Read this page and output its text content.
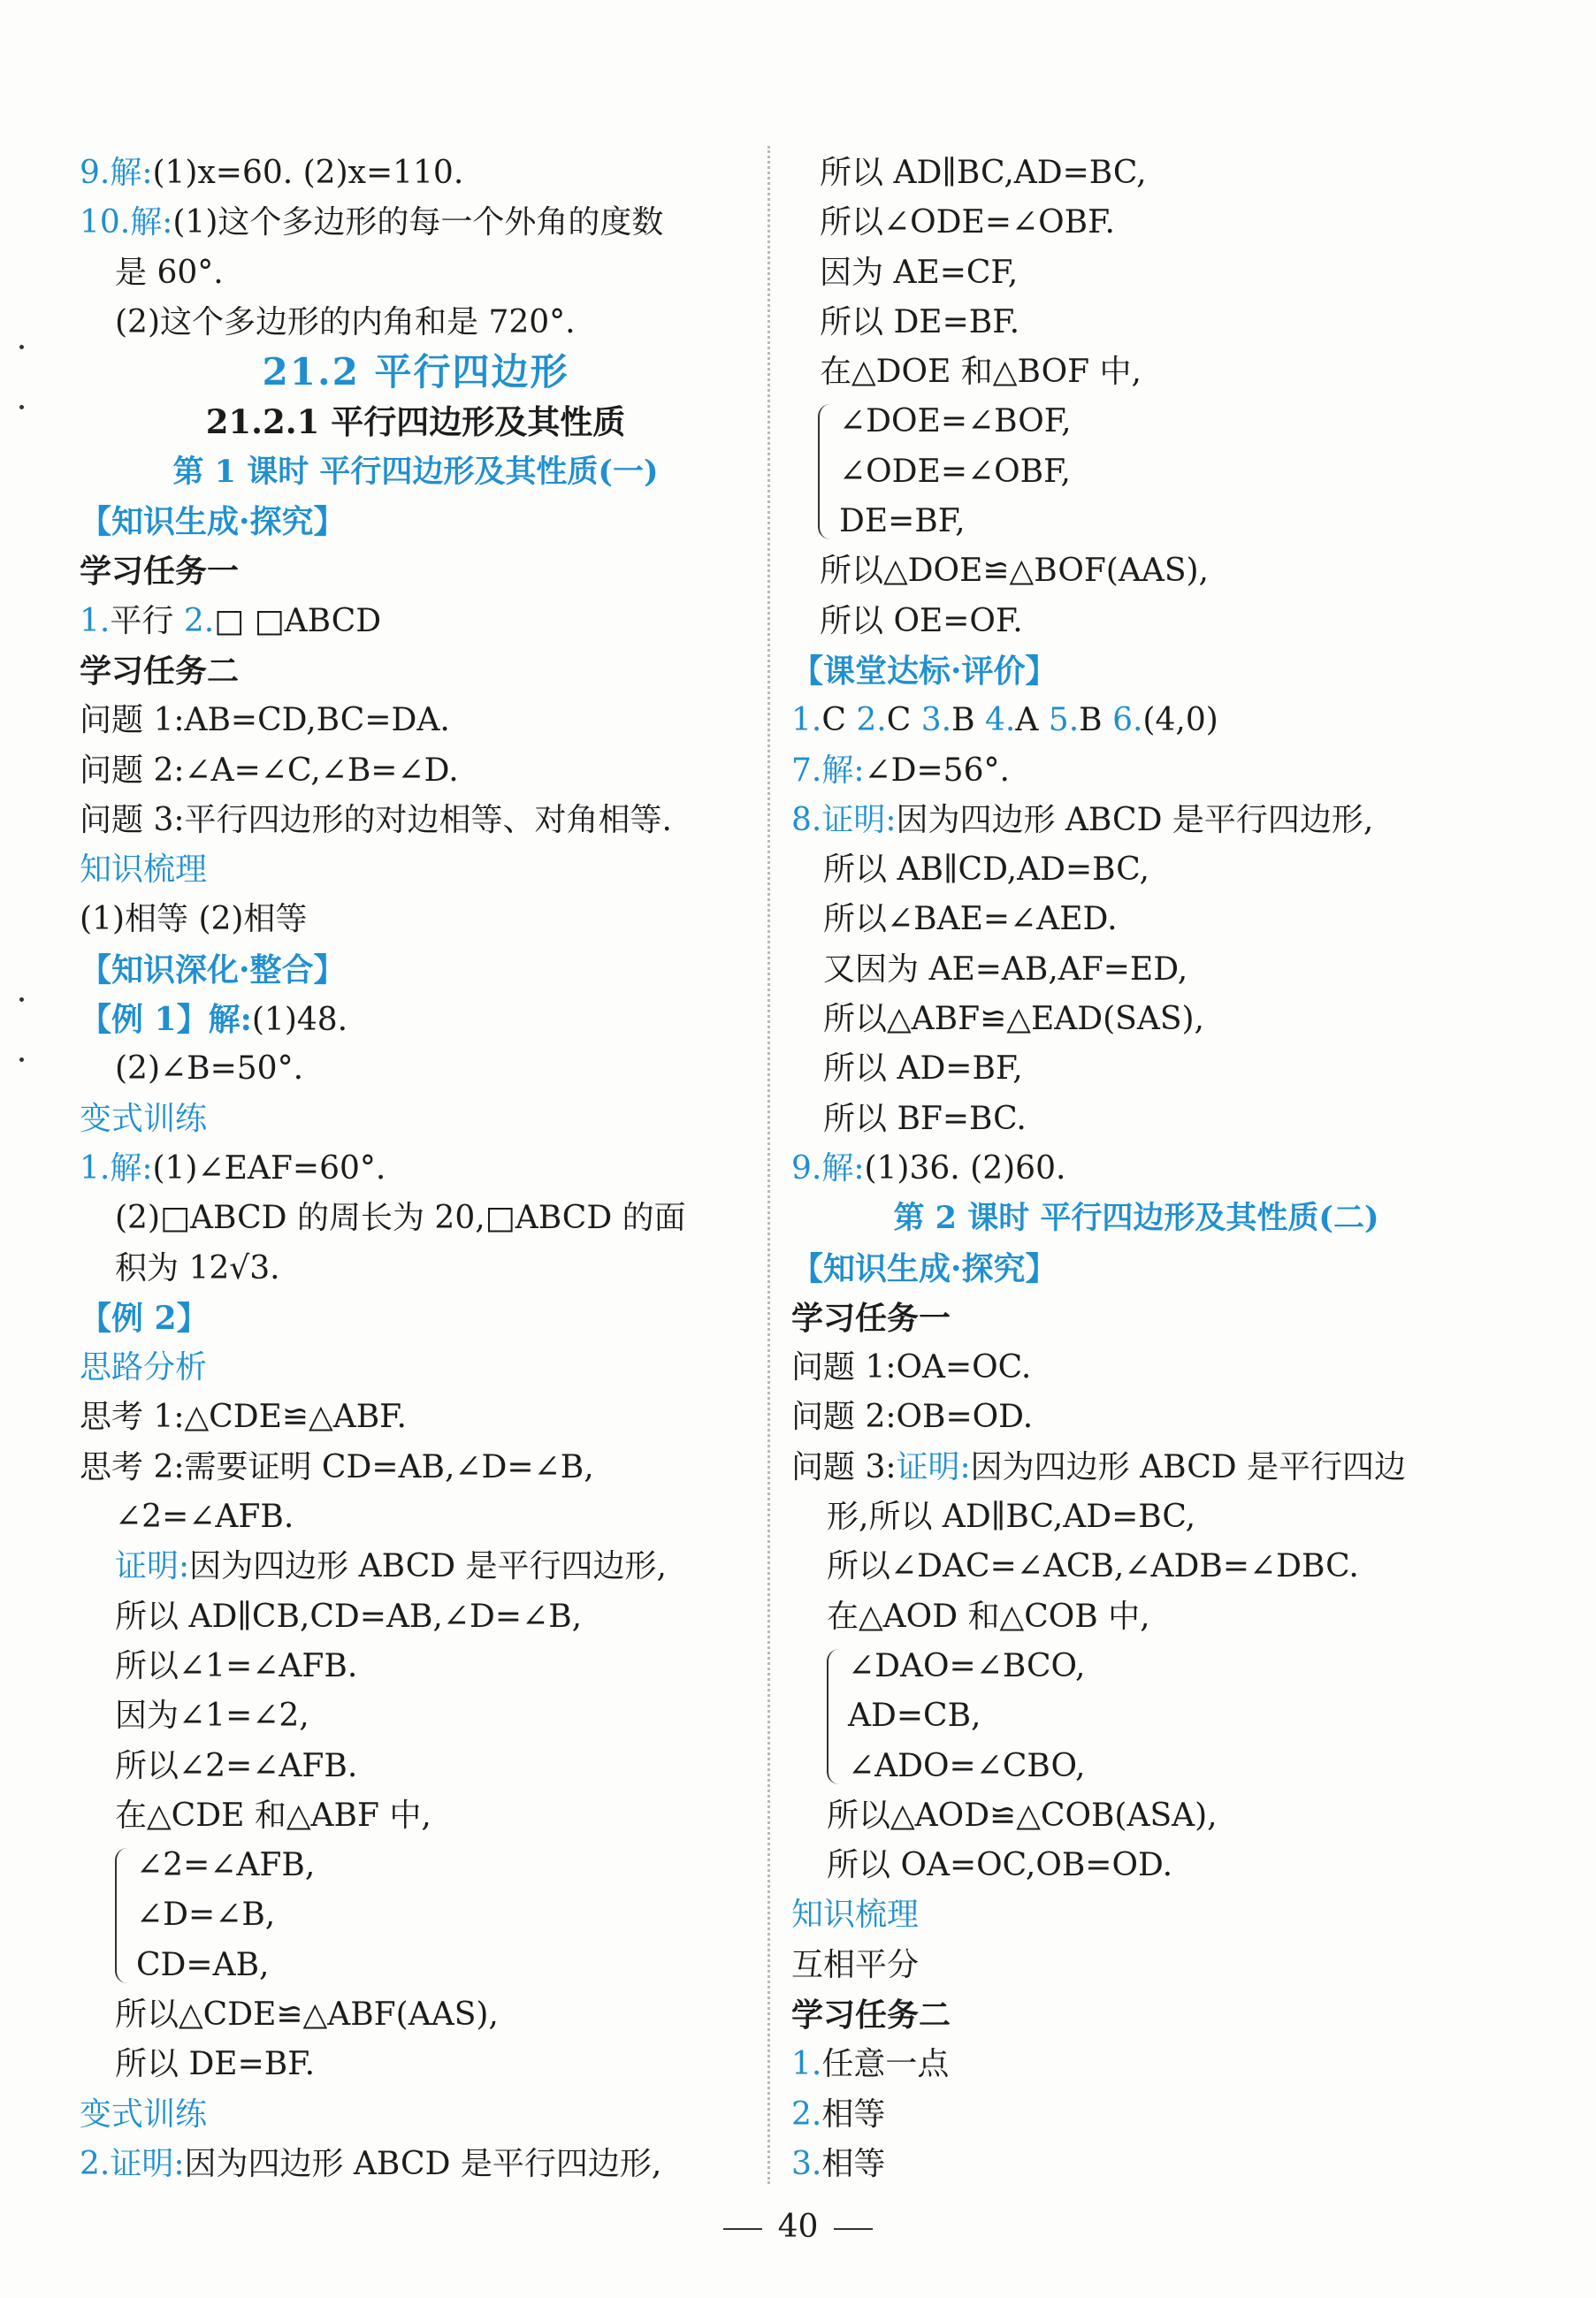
9.解:(1)x=60. (2)x=110.
10.解:(1)这个多边形的每一个外角的度数
是 60°.
(2)这个多边形的内角和是 720°.
21.2 平行四边形
21.2.1 平行四边形及其性质
第 1 课时 平行四边形及其性质(一)
【知识生成·探究】
学习任务一
1.平行 2.□ □ABCD
学习任务二
问题 1:AB=CD,BC=DA.
问题 2:∠A=∠C,∠B=∠D.
问题 3:平行四边形的对边相等、对角相等.
知识梳理
(1)相等 (2)相等
【知识深化·整合】
【例 1】解:(1)48.
(2)∠B=50°.
变式训练
1.解:(1)∠EAF=60°.
(2)□ABCD 的周长为 20,□ABCD 的面
积为 12√3.
【例 2】
思路分析
思考 1:△CDE≌△ABF.
思考 2:需要证明 CD=AB,∠D=∠B,
∠2=∠AFB.
证明:因为四边形 ABCD 是平行四边形,
所以 AD∥CB,CD=AB,∠D=∠B,
所以∠1=∠AFB.
因为∠1=∠2,
所以∠2=∠AFB.
在△CDE 和△ABF 中,
∠2=∠AFB,
∠D=∠B,
CD=AB,
所以△CDE≌△ABF(AAS),
所以 DE=BF.
变式训练
2.证明:因为四边形 ABCD 是平行四边形,
所以 AD∥BC,AD=BC,
所以∠ODE=∠OBF.
因为 AE=CF,
所以 DE=BF.
在△DOE 和△BOF 中,
∠DOE=∠BOF,
∠ODE=∠OBF,
DE=BF,
所以△DOE≌△BOF(AAS),
所以 OE=OF.
【课堂达标·评价】
1.C 2.C 3.B 4.A 5.B 6.(4,0)
7.解:∠D=56°.
8.证明:因为四边形 ABCD 是平行四边形,
所以 AB∥CD,AD=BC,
所以∠BAE=∠AED.
又因为 AE=AB,AF=ED,
所以△ABF≌△EAD(SAS),
所以 AD=BF,
所以 BF=BC.
9.解:(1)36. (2)60.
第 2 课时 平行四边形及其性质(二)
【知识生成·探究】
学习任务一
问题 1:OA=OC.
问题 2:OB=OD.
问题 3:证明:因为四边形 ABCD 是平行四边
形,所以 AD∥BC,AD=BC,
所以∠DAC=∠ACB,∠ADB=∠DBC.
在△AOD 和△COB 中,
∠DAO=∠BCO,
AD=CB,
∠ADO=∠CBO,
所以△AOD≌△COB(ASA),
所以 OA=OC,OB=OD.
知识梳理
互相平分
学习任务二
1.任意一点
2.相等
3.相等
40
